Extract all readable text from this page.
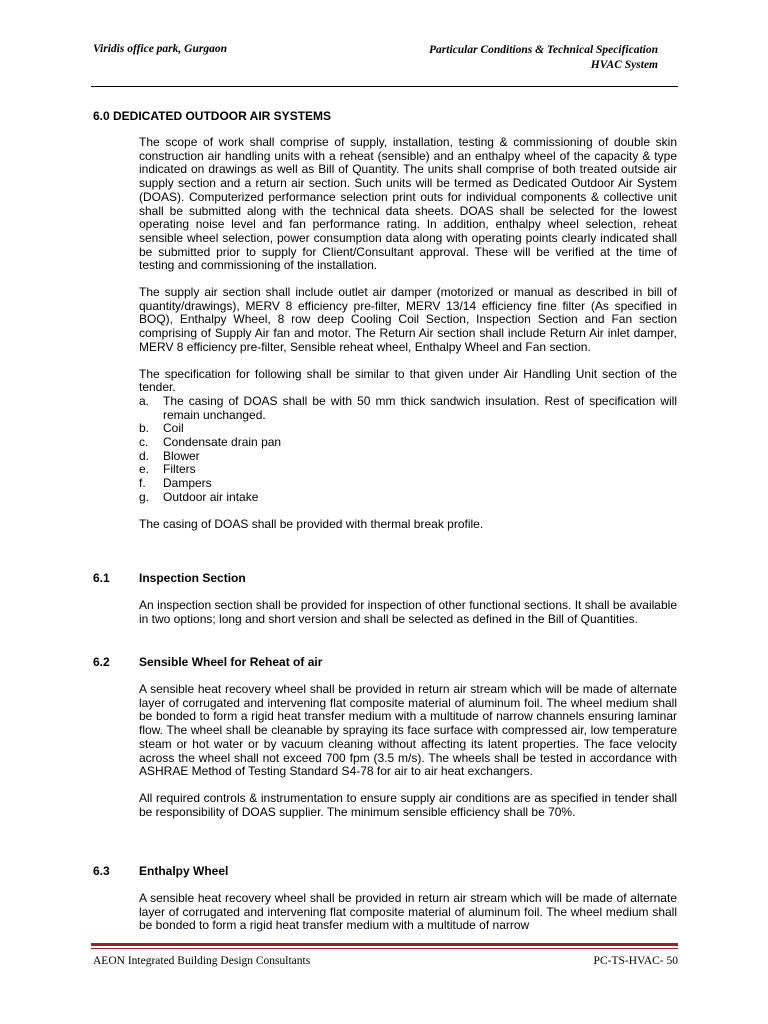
Viridis office park, Gurgaon	Particular Conditions & Technical Specification
HVAC System
6.0 DEDICATED OUTDOOR AIR SYSTEMS

The scope of work shall comprise of supply, installation, testing & commissioning of double skin construction air handling units with a reheat (sensible) and an enthalpy wheel of the capacity & type indicated on drawings as well as Bill of Quantity. The units shall comprise of both treated outside air supply section and a return air section. Such units will be termed as Dedicated Outdoor Air System (DOAS). Computerized performance selection print outs for individual components & collective unit shall be submitted along with the technical data sheets. DOAS shall be selected for the lowest operating noise level and fan performance rating. In addition, enthalpy wheel selection, reheat sensible wheel selection, power consumption data along with operating points clearly indicated shall be submitted prior to supply for Client/Consultant approval. These will be verified at the time of testing and commissioning of the installation.

The supply air section shall include outlet air damper (motorized or manual as described in bill of quantity/drawings), MERV 8 efficiency pre-filter, MERV 13/14 efficiency fine filter (As specified in BOQ), Enthalpy Wheel, 8 row deep Cooling Coil Section, Inspection Section and Fan section comprising of Supply Air fan and motor. The Return Air section shall include Return Air inlet damper, MERV 8 efficiency pre-filter, Sensible reheat wheel, Enthalpy Wheel and Fan section.

The specification for following shall be similar to that given under Air Handling Unit section of the tender.

a. The casing of DOAS shall be with 50 mm thick sandwich insulation. Rest of specification will remain unchanged.
b. Coil
c. Condensate drain pan
d. Blower
e. Filters
f. Dampers
g. Outdoor air intake

The casing of DOAS shall be provided with thermal break profile.

6.1 Inspection Section

An inspection section shall be provided for inspection of other functional sections. It shall be available in two options; long and short version and shall be selected as defined in the Bill of Quantities.

6.2 Sensible Wheel for Reheat of air

A sensible heat recovery wheel shall be provided in return air stream which will be made of alternate layer of corrugated and intervening flat composite material of aluminum foil. The wheel medium shall be bonded to form a rigid heat transfer medium with a multitude of narrow channels ensuring laminar flow. The wheel shall be cleanable by spraying its face surface with compressed air, low temperature steam or hot water or by vacuum cleaning without affecting its latent properties. The face velocity across the wheel shall not exceed 700 fpm (3.5 m/s). The wheels shall be tested in accordance with ASHRAE Method of Testing Standard S4-78 for air to air heat exchangers.

All required controls & instrumentation to ensure supply air conditions are as specified in tender shall be responsibility of DOAS supplier. The minimum sensible efficiency shall be 70%.

6.3 Enthalpy Wheel

A sensible heat recovery wheel shall be provided in return air stream which will be made of alternate layer of corrugated and intervening flat composite material of aluminum foil. The wheel medium shall be bonded to form a rigid heat transfer medium with a multitude of narrow

AEON Integrated Building Design Consultants	PC-TS-HVAC- 50
